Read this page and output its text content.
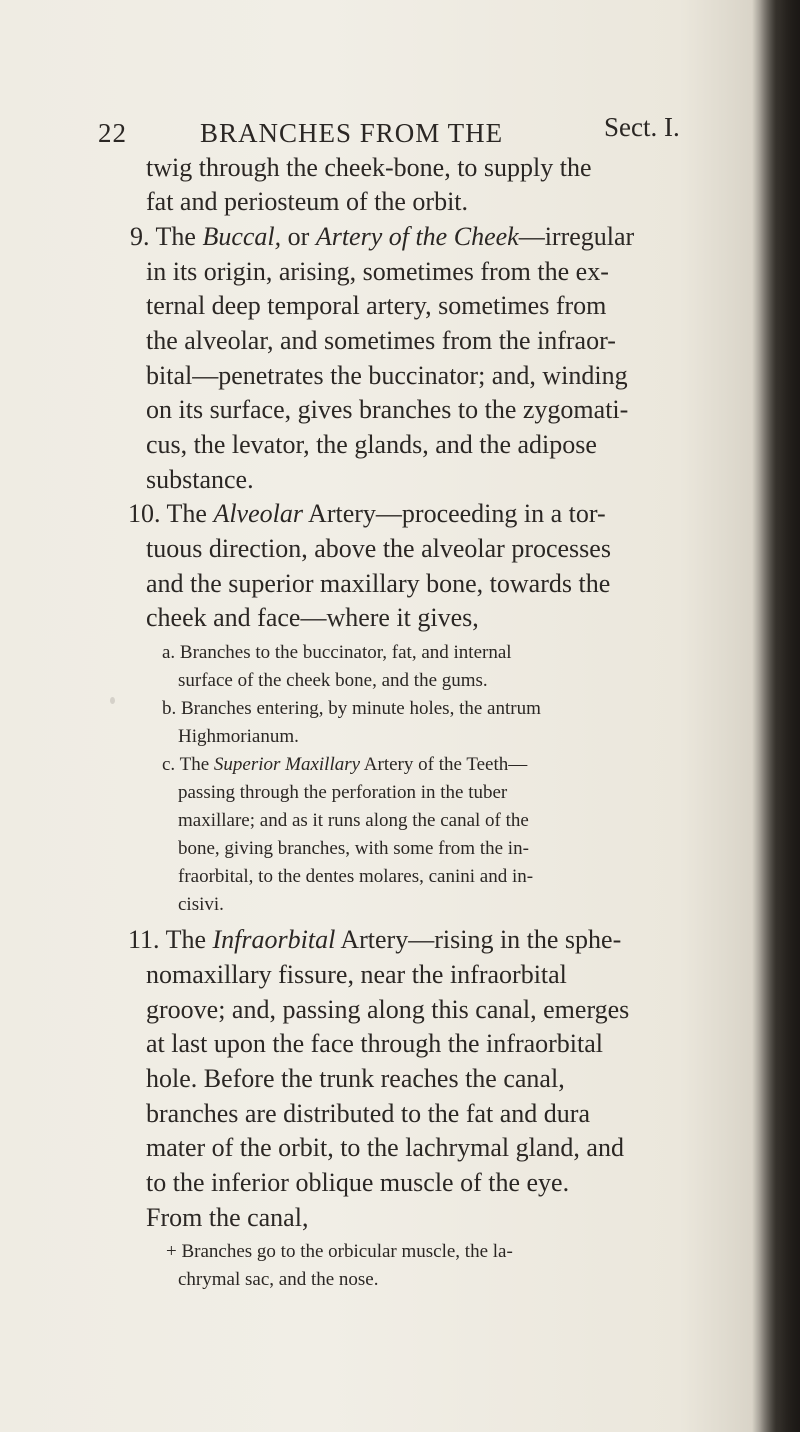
22	BRANCHES FROM THE	Sect. I.
twig through the cheek-bone, to supply the
fat and periosteum of the orbit.
9. The Buccal, or Artery of the Cheek—irregular
in its origin, arising, sometimes from the ex-
ternal deep temporal artery, sometimes from
the alveolar, and sometimes from the infraor-
bital—penetrates the buccinator; and, winding
on its surface, gives branches to the zygomati-
cus, the levator, the glands, and the adipose
substance.
10. The Alveolar Artery—proceeding in a tor-
tuous direction, above the alveolar processes
and the superior maxillary bone, towards the
cheek and face—where it gives,
a. Branches to the buccinator, fat, and internal
surface of the cheek bone, and the gums.
b. Branches entering, by minute holes, the antrum
Highmorianum.
c. The Superior Maxillary Artery of the Teeth—
passing through the perforation in the tuber
maxillare; and as it runs along the canal of the
bone, giving branches, with some from the in-
fraorbital, to the dentes molares, canini and in-
cisivi.
11. The Infraorbital Artery—rising in the sphe-
nomaxillary fissure, near the infraorbital
groove; and, passing along this canal, emerges
at last upon the face through the infraorbital
hole. Before the trunk reaches the canal,
branches are distributed to the fat and dura
mater of the orbit, to the lachrymal gland, and
to the inferior oblique muscle of the eye.
From the canal,
+ Branches go to the orbicular muscle, the la-
chrymal sac, and the nose.
